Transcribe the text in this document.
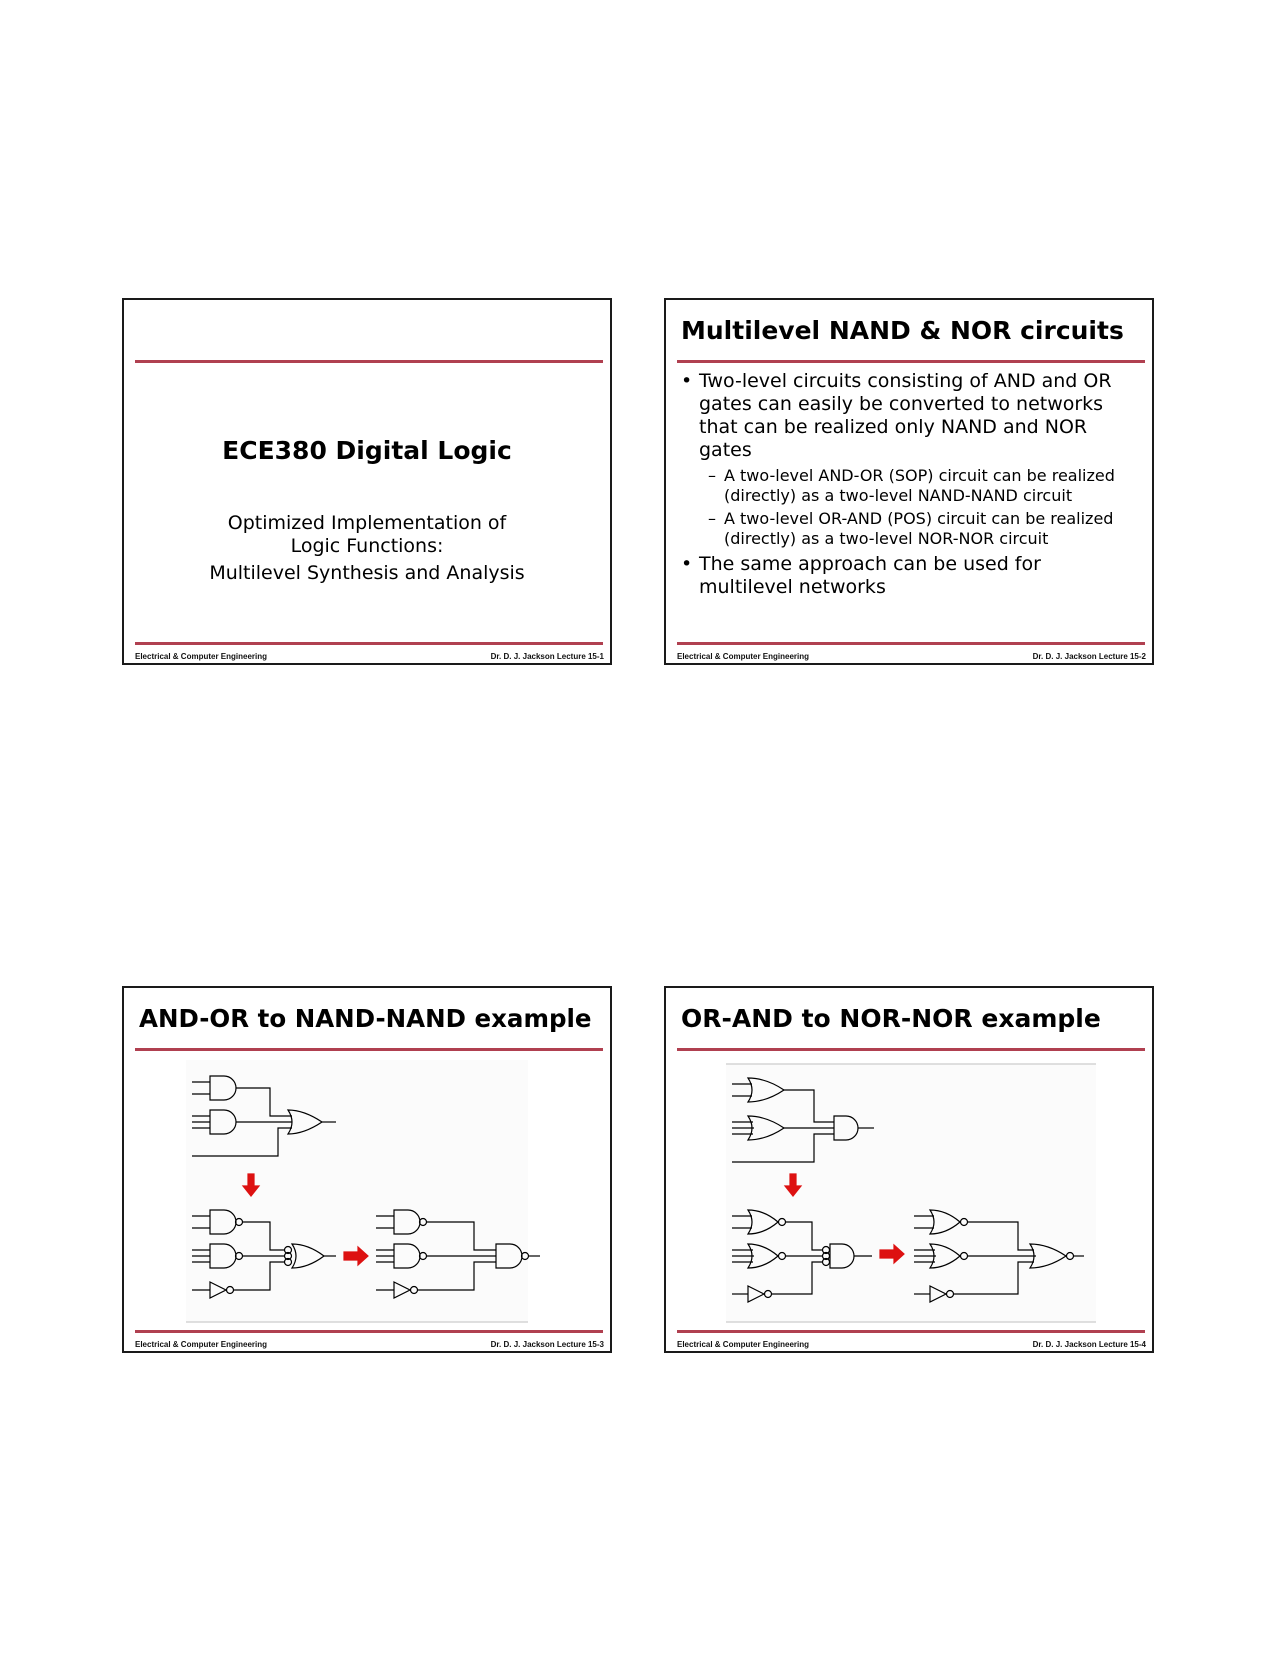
ECE380 Digital Logic
Optimized Implementation of
Logic Functions:
Multilevel Synthesis and Analysis
Electrical & Computer Engineering	Dr. D. J. Jackson Lecture 15-1
Multilevel NAND & NOR circuits
• Two-level circuits consisting of AND and OR
gates can easily be converted to networks
that can be realized only NAND and NOR
gates
– A two-level AND-OR (SOP) circuit can be realized
(directly) as a two-level NAND-NAND circuit
– A two-level OR-AND (POS) circuit can be realized
(directly) as a two-level NOR-NOR circuit
• The same approach can be used for
multilevel networks
Electrical & Computer Engineering	Dr. D. J. Jackson Lecture 15-2
AND-OR to NAND-NAND example
Electrical & Computer Engineering	Dr. D. J. Jackson Lecture 15-3
OR-AND to NOR-NOR example
Electrical & Computer Engineering	Dr. D. J. Jackson Lecture 15-4
